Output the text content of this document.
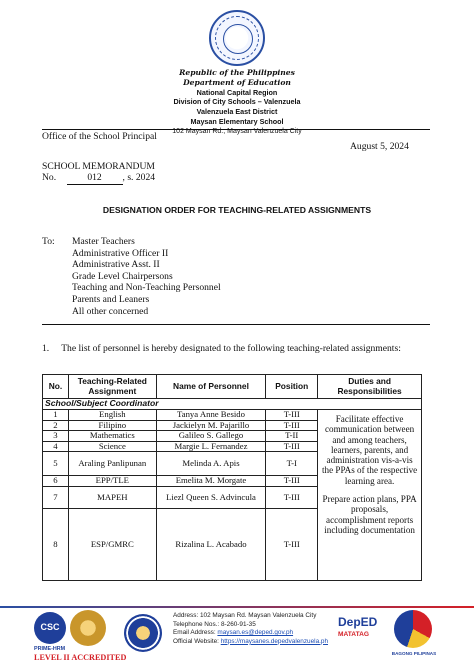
Republic of the Philippines
Department of Education
National Capital Region
Division of City Schools – Valenzuela
Valenzuela East District
Maysan Elementary School
102 Maysan Rd., Maysan Valenzuela City
Office of the School Principal
August 5, 2024
SCHOOL MEMORANDUM
No.	012 , s. 2024
DESIGNATION ORDER FOR TEACHING-RELATED ASSIGNMENTS
To: Master Teachers
Administrative Officer II
Administrative Asst. II
Grade Level Chairpersons
Teaching and Non-Teaching Personnel
Parents and Leaners
All other concerned
1.     The list of personnel is hereby designated to the following teaching-related assignments:
No.	Teaching-Related Assignment	Name of Personnel	Position	Duties and Responsibilities
School/Subject Coordinator				
1	English	Tanya Anne Besido	T-III	Facilitate effective communication between and among teachers, learners, parents, and administration vis-a-vis the PPAs of the respective learning area.
Prepare action plans, PPA proposals, accomplishment reports including documentation

2	Filipino	Jackielyn M. Pajarillo	T-III	
3	Mathematics	Galileo S. Gallego	T-II	
4	Science	Margie L. Fernandez	T-III	
5	Araling Panlipunan	Melinda A. Apis	T-I	
6	EPP/TLE	Emelita M. Morgate	T-III	
7	MAPEH	Liezl Queen S. Advincula	T-III	
8	ESP/GMRC	Rizalina L. Acabado	T-III	
CSC
PRIME-HRM
LEVEL II ACCREDITED
Address: 102 Maysan Rd. Maysan Valenzuela City
Telephone Nos.: 8-260-91-35
Email Address: maysan.es@deped.gov.ph
Official Website: https://maysanes.depedvalenzuela.ph
DepED
MATATAG
BAGONG PILIPINAS
